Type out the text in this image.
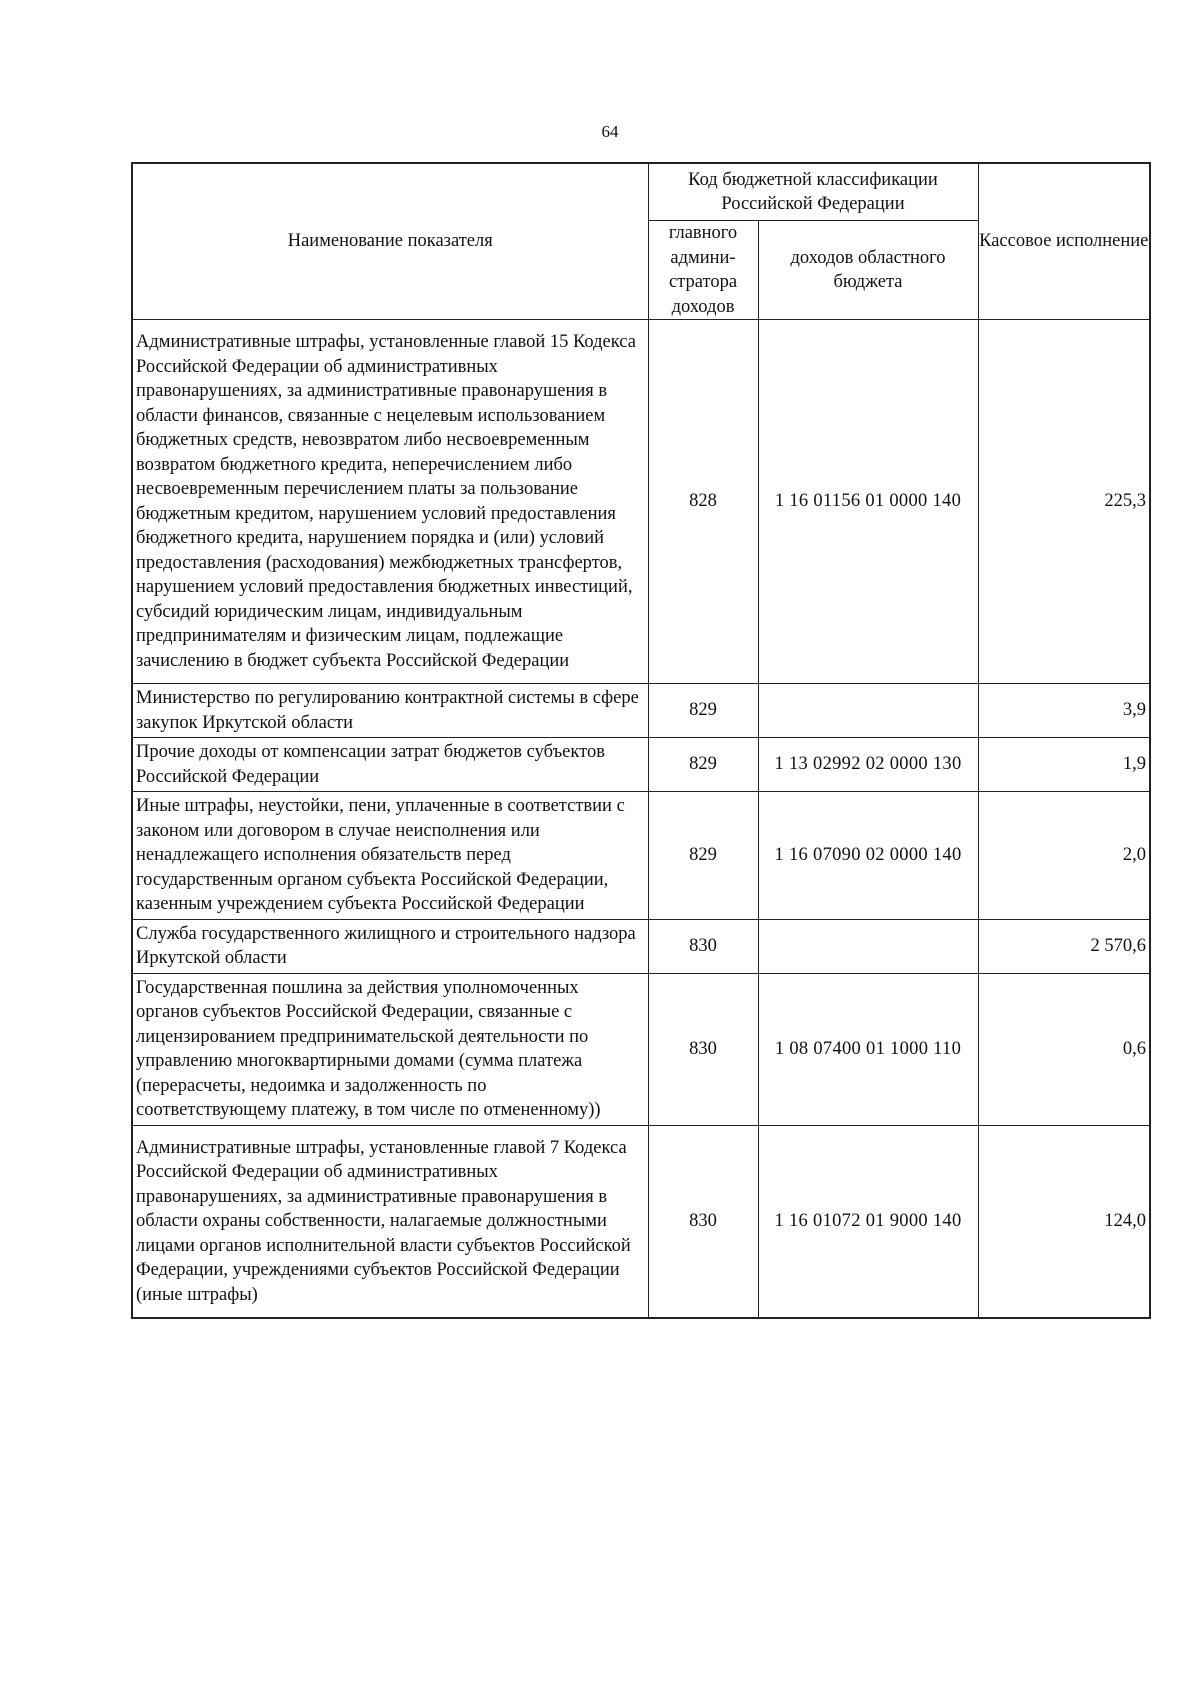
64
Наименование показателя	Код бюджетной классификации Российской Федерации		Кассовое исполнение

	главного
админи-
стратора
доходов	доходов областного бюджета	
Административные штрафы, установленные главой 15 Кодекса Российской Федерации об административных правонарушениях, за административные правонарушения в области финансов, связанные с нецелевым использованием бюджетных средств, невозвратом либо несвоевременным возвратом бюджетного кредита, неперечислением либо несвоевременным перечислением платы за пользование бюджетным кредитом, нарушением условий предоставления бюджетного кредита, нарушением порядка и (или) условий предоставления (расходования) межбюджетных трансфертов, нарушением условий предоставления бюджетных инвестиций, субсидий юридическим лицам, индивидуальным предпринимателям и физическим лицам, подлежащие зачислению в бюджет субъекта Российской Федерации	828	1 16 01156 01 0000 140	225,3
Министерство по регулированию контрактной системы в сфере закупок Иркутской области	829		3,9
Прочие доходы от компенсации затрат бюджетов субъектов Российской Федерации	829	1 13 02992 02 0000 130	1,9
Иные штрафы, неустойки, пени, уплаченные в соответствии с законом или договором в случае неисполнения или ненадлежащего исполнения обязательств перед государственным органом субъекта Российской Федерации, казенным учреждением субъекта Российской Федерации	829	1 16 07090 02 0000 140	2,0
Служба государственного жилищного и строительного надзора Иркутской области	830		2 570,6
Государственная пошлина за действия уполномоченных органов субъектов Российской Федерации, связанные с лицензированием предпринимательской деятельности по управлению многоквартирными домами (сумма платежа (перерасчеты, недоимка и задолженность по соответствующему платежу, в том числе по отмененному))	830	1 08 07400 01 1000 110	0,6
Административные штрафы, установленные главой 7 Кодекса Российской Федерации об административных правонарушениях, за административные правонарушения в области охраны собственности, налагаемые должностными лицами органов исполнительной власти субъектов Российской Федерации, учреждениями субъектов Российской Федерации (иные штрафы)	830	1 16 01072 01 9000 140	124,0
